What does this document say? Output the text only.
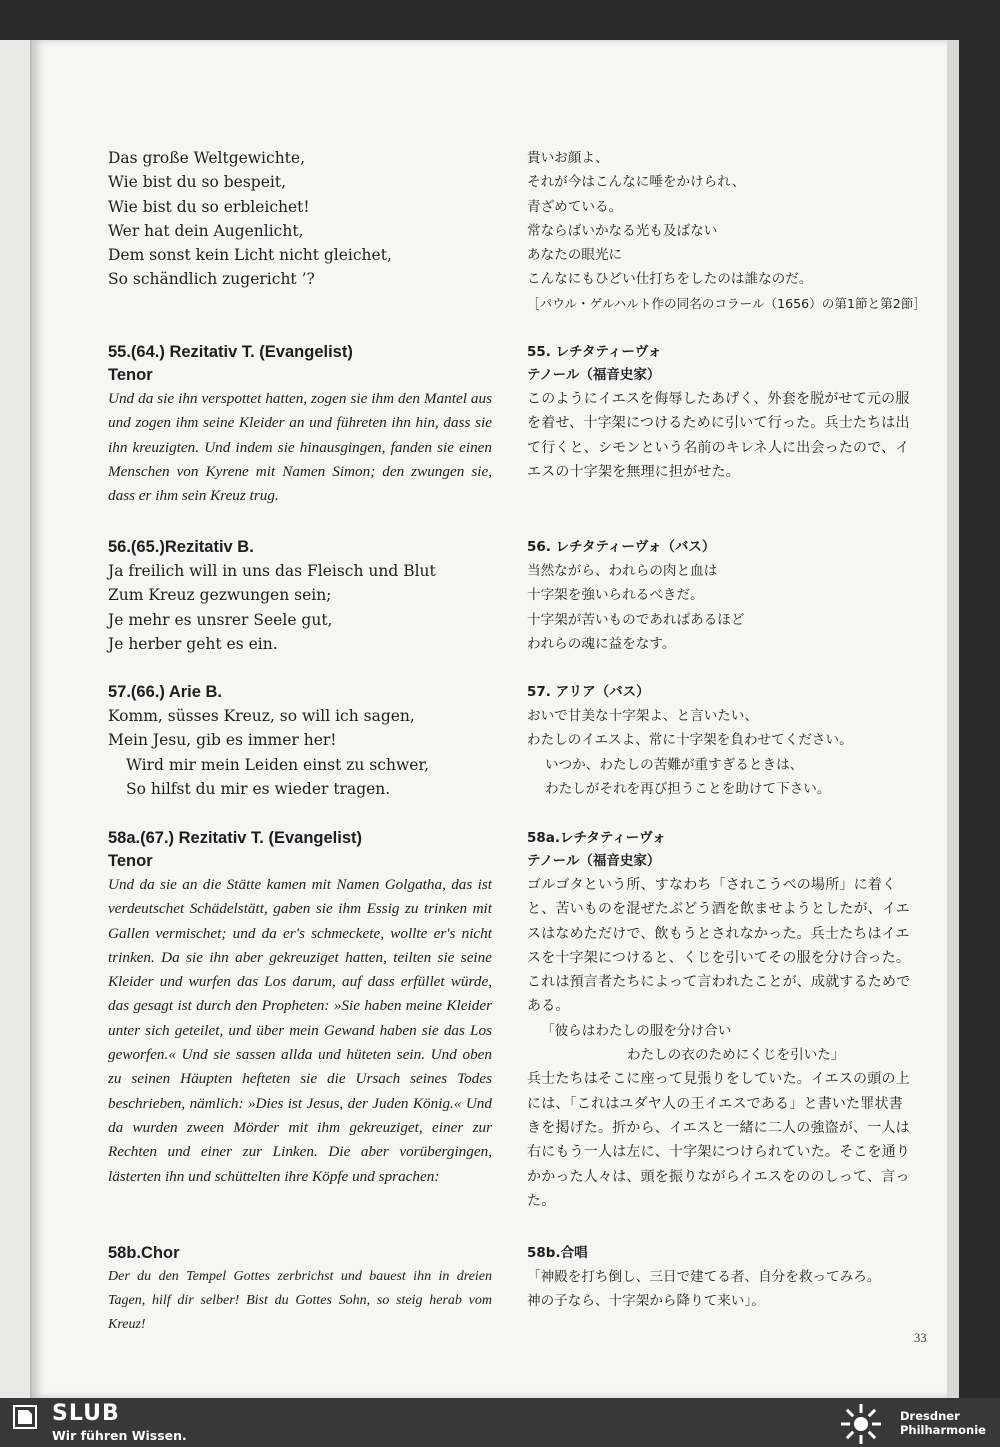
Das große Weltgewichte,
Wie bist du so bespeit,
Wie bist du so erbleichet!
Wer hat dein Augenlicht,
Dem sonst kein Licht nicht gleichet,
So schändlich zugericht ’?
貴いお顔よ、
それが今はこんなに唾をかけられ、
青ざめている。
常ならばいかなる光も及ばない
あなたの眼光に
こんなにもひどい仕打ちをしたのは誰なのだ。
［パウル・ゲルハルト作の同名のコラール（1656）の第1節と第2節］
55.(64.) Rezitativ T. (Evangelist)
Tenor
Und da sie ihn verspottet hatten, zogen sie ihm den Mantel aus und zogen ihm seine Kleider an und führeten ihn hin, dass sie ihn kreuzigten. Und indem sie hinausgingen, fanden sie einen Menschen von Kyrene mit Namen Simon; den zwungen sie, dass er ihm sein Kreuz trug.
55. レチタティーヴォ
テノール（福音史家）
このようにイエスを侮辱したあげく、外套を脱がせて元の服を着せ、十字架につけるために引いて行った。兵士たちは出て行くと、シモンという名前のキレネ人に出会ったので、イエスの十字架を無理に担がせた。
56.(65.)Rezitativ B.
Ja freilich will in uns das Fleisch und Blut
Zum Kreuz gezwungen sein;
Je mehr es unsrer Seele gut,
Je herber geht es ein.
56. レチタティーヴォ（バス）
当然ながら、われらの肉と血は
十字架を強いられるべきだ。
十字架が苦いものであればあるほど
われらの魂に益をなす。
57.(66.) Arie B.
Komm, süsses Kreuz, so will ich sagen,
Mein Jesu, gib es immer her!
Wird mir mein Leiden einst zu schwer,
So hilfst du mir es wieder tragen.
57. アリア（バス）
おいで甘美な十字架よ、と言いたい、
わたしのイエスよ、常に十字架を負わせてください。
いつか、わたしの苦難が重すぎるときは、
わたしがそれを再び担うことを助けて下さい。
58a.(67.) Rezitativ T. (Evangelist)
Tenor
Und da sie an die Stätte kamen mit Namen Golgatha, das ist verdeutschet Schädelstätt, gaben sie ihm Essig zu trinken mit Gallen vermischet; und da er's schmeckete, wollte er's nicht trinken. Da sie ihn aber gekreuziget hatten, teilten sie seine Kleider und wurfen das Los darum, auf dass erfüllet würde, das gesagt ist durch den Propheten: »Sie haben meine Kleider unter sich geteilet, und über mein Gewand haben sie das Los geworfen.« Und sie sassen allda und hüteten sein. Und oben zu seinen Häupten hefteten sie die Ursach seines Todes beschrieben, nämlich: »Dies ist Jesus, der Juden König.« Und da wurden zween Mörder mit ihm gekreuziget, einer zur Rechten und einer zur Linken. Die aber vorübergingen, lästerten ihn und schüttelten ihre Köpfe und sprachen:
58a.レチタティーヴォ
テノール（福音史家）
ゴルゴタという所、すなわち「されこうべの場所」に着くと、苦いものを混ぜたぶどう酒を飲ませようとしたが、イエスはなめただけで、飲もうとされなかった。兵士たちはイエスを十字架につけると、くじを引いてその服を分け合った。これは預言者たちによって言われたことが、成就するためである。
「彼らはわたしの服を分け合い
わたしの衣のためにくじを引いた」
兵士たちはそこに座って見張りをしていた。イエスの頭の上には、「これはユダヤ人の王イエスである」と書いた罪状書きを掲げた。折から、イエスと一緒に二人の強盗が、一人は右にもう一人は左に、十字架につけられていた。そこを通りかかった人々は、頭を振りながらイエスをののしって、言った。
58b.Chor
Der du den Tempel Gottes zerbrichst und bauest ihn in dreien Tagen, hilf dir selber! Bist du Gottes Sohn, so steig herab vom Kreuz!
58b.合唱
「神殿を打ち倒し、三日で建てる者、自分を救ってみろ。
神の子なら、十字架から降りて来い」。
33
SLUB
Wir führen Wissen.
Dresdner
Philharmonie
